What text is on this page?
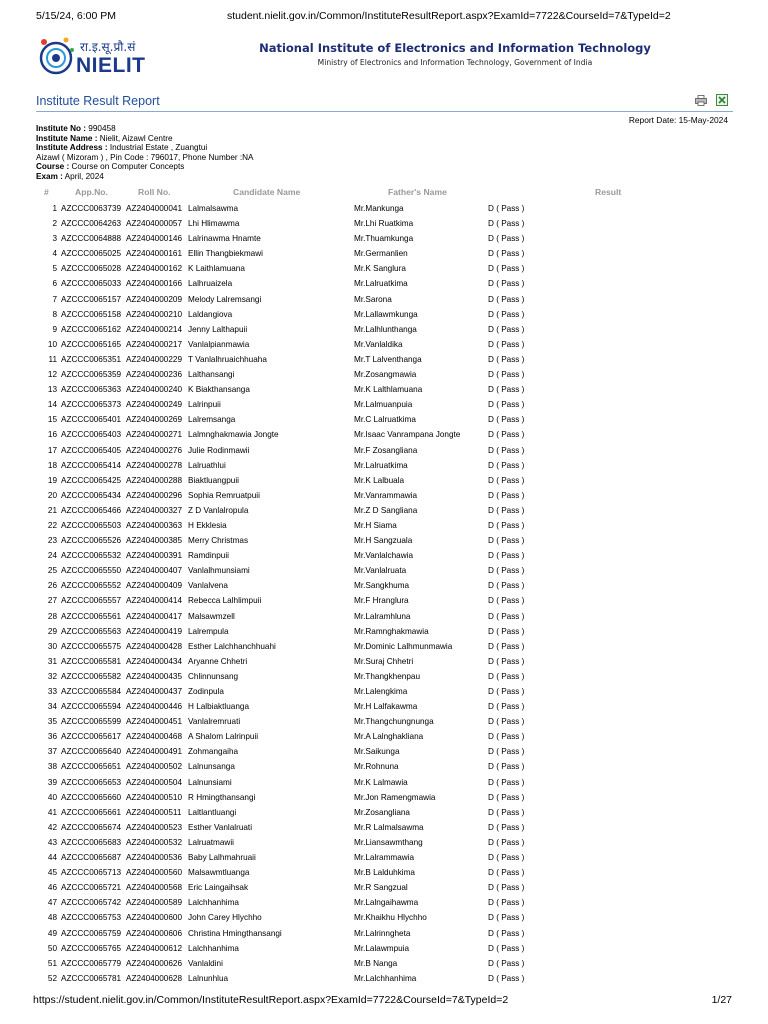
5/15/24, 6:00 PM	student.nielit.gov.in/Common/InstituteResultReport.aspx?ExamId=7722&CourseId=7&TypeId=2
रा.इ.सू.प्रौ.सं
NIELIT
National Institute of Electronics and Information Technology
Ministry of Electronics and Information Technology, Government of India
Institute Result Report
Report Date: 15-May-2024
Institute No : 990458
Institute Name : Nielit, Aizawl Centre
Institute Address : Industrial Estate , Zuangtui
Aizawl ( Mizoram ) , Pin Code : 796017, Phone Number :NA
Course : Course on Computer Concepts
Exam : April, 2024
#	App.No.	Roll No.	Candidate Name	Father's Name	Result
1 AZCCC0063739 AZ2404000041 Lalmalsawma	Mr.Mankunga	D ( Pass )
2 AZCCC0064263 AZ2404000057 Lhi Hlimawma	Mr.Lhi Ruatkima	D ( Pass )
3 AZCCC0064888 AZ2404000146 Lalrinawma Hnamte	Mr.Thuamkunga	D ( Pass )
4 AZCCC0065025 AZ2404000161 Ellin Thangbiekmawi	Mr.Germanlien	D ( Pass )
5 AZCCC0065028 AZ2404000162 K Laithlamuana	Mr.K Sanglura	D ( Pass )
6 AZCCC0065033 AZ2404000166 Lalhruaizela	Mr.Lalruatkima	D ( Pass )
7 AZCCC0065157 AZ2404000209 Melody Lalremsangi	Mr.Sarona	D ( Pass )
8 AZCCC0065158 AZ2404000210 Laldangiova	Mr.Lallawmkunga	D ( Pass )
9 AZCCC0065162 AZ2404000214 Jenny Lalthapuii	Mr.Lalhlunthanga	D ( Pass )
10 AZCCC0065165 AZ2404000217 Vanlalpianmawia	Mr.Vanlaldika	D ( Pass )
11 AZCCC0065351 AZ2404000229 T Vanlalhruaichhuaha	Mr.T Lalventhanga	D ( Pass )
12 AZCCC0065359 AZ2404000236 Lalthansangi	Mr.Zosangmawia	D ( Pass )
13 AZCCC0065363 AZ2404000240 K Biakthansanga	Mr.K Lalthlamuana	D ( Pass )
14 AZCCC0065373 AZ2404000249 Lalrinpuii	Mr.Lalmuanpuia	D ( Pass )
15 AZCCC0065401 AZ2404000269 Lalremsanga	Mr.C Lalruatkima	D ( Pass )
16 AZCCC0065403 AZ2404000271 Lalmnghakmawia Jongte	Mr.Isaac Vanrampana Jongte	D ( Pass )
17 AZCCC0065405 AZ2404000276 Julie Rodinmawii	Mr.F Zosangliana	D ( Pass )
18 AZCCC0065414 AZ2404000278 Lalruathlui	Mr.Lalruatkima	D ( Pass )
19 AZCCC0065425 AZ2404000288 Biaktluangpuii	Mr.K Lalbuala	D ( Pass )
20 AZCCC0065434 AZ2404000296 Sophia Remruatpuii	Mr.Vanrammawia	D ( Pass )
21 AZCCC0065466 AZ2404000327 Z D Vanlalropula	Mr.Z D Sangliana	D ( Pass )
22 AZCCC0065503 AZ2404000363 H Ekklesia	Mr.H Siama	D ( Pass )
23 AZCCC0065526 AZ2404000385 Merry Christmas	Mr.H Sangzuala	D ( Pass )
24 AZCCC0065532 AZ2404000391 Ramdinpuii	Mr.Vanlalchawia	D ( Pass )
25 AZCCC0065550 AZ2404000407 Vanlalhmunsiami	Mr.Vanlalruata	D ( Pass )
26 AZCCC0065552 AZ2404000409 Vanlalvena	Mr.Sangkhuma	D ( Pass )
27 AZCCC0065557 AZ2404000414 Rebecca Lalhlimpuii	Mr.F Hranglura	D ( Pass )
28 AZCCC0065561 AZ2404000417 Malsawmzell	Mr.Lalramhluna	D ( Pass )
29 AZCCC0065563 AZ2404000419 Lalrempula	Mr.Ramnghakmawia	D ( Pass )
30 AZCCC0065575 AZ2404000428 Esther Lalchhanchhuahi	Mr.Dominic Lalhmunmawia	D ( Pass )
31 AZCCC0065581 AZ2404000434 Aryanne Chhetri	Mr.Suraj Chhetri	D ( Pass )
32 AZCCC0065582 AZ2404000435 Chlinnunsang	Mr.Thangkhenpau	D ( Pass )
33 AZCCC0065584 AZ2404000437 Zodinpula	Mr.Lalengkima	D ( Pass )
34 AZCCC0065594 AZ2404000446 H Lalbiaktluanga	Mr.H Lalfakawma	D ( Pass )
35 AZCCC0065599 AZ2404000451 Vanlalremruati	Mr.Thangchungnunga	D ( Pass )
36 AZCCC0065617 AZ2404000468 A Shalom Lalrinpuii	Mr.A Lalnghakliana	D ( Pass )
37 AZCCC0065640 AZ2404000491 Zohmangaiha	Mr.Saikunga	D ( Pass )
38 AZCCC0065651 AZ2404000502 Lalnunsanga	Mr.Rohnuna	D ( Pass )
39 AZCCC0065653 AZ2404000504 Lalnunsiami	Mr.K Lalmawia	D ( Pass )
40 AZCCC0065660 AZ2404000510 R Hmingthansangi	Mr.Jon Ramengmawia	D ( Pass )
41 AZCCC0065661 AZ2404000511 Laltlantluangi	Mr.Zosangliana	D ( Pass )
42 AZCCC0065674 AZ2404000523 Esther Vanlalruati	Mr.R Lalmalsawma	D ( Pass )
43 AZCCC0065683 AZ2404000532 Lalruatmawii	Mr.Liansawmthang	D ( Pass )
44 AZCCC0065687 AZ2404000536 Baby Lalhmahruaii	Mr.Lalrammawia	D ( Pass )
45 AZCCC0065713 AZ2404000560 Malsawmtluanga	Mr.B Lalduhkima	D ( Pass )
46 AZCCC0065721 AZ2404000568 Eric Laingaihsak	Mr.R Sangzual	D ( Pass )
47 AZCCC0065742 AZ2404000589 Lalchhanhima	Mr.Lalngaihawma	D ( Pass )
48 AZCCC0065753 AZ2404000600 John Carey Hlychho	Mr.Khaikhu Hlychho	D ( Pass )
49 AZCCC0065759 AZ2404000606 Christina Hmingthansangi	Mr.Lalrinngheta	D ( Pass )
50 AZCCC0065765 AZ2404000612 Lalchhanhima	Mr.Lalawmpuia	D ( Pass )
51 AZCCC0065779 AZ2404000626 Vanlaldini	Mr.B Nanga	D ( Pass )
52 AZCCC0065781 AZ2404000628 Lalnunhlua	Mr.Lalchhanhima	D ( Pass )
https://student.nielit.gov.in/Common/InstituteResultReport.aspx?ExamId=7722&CourseId=7&TypeId=2	1/27
